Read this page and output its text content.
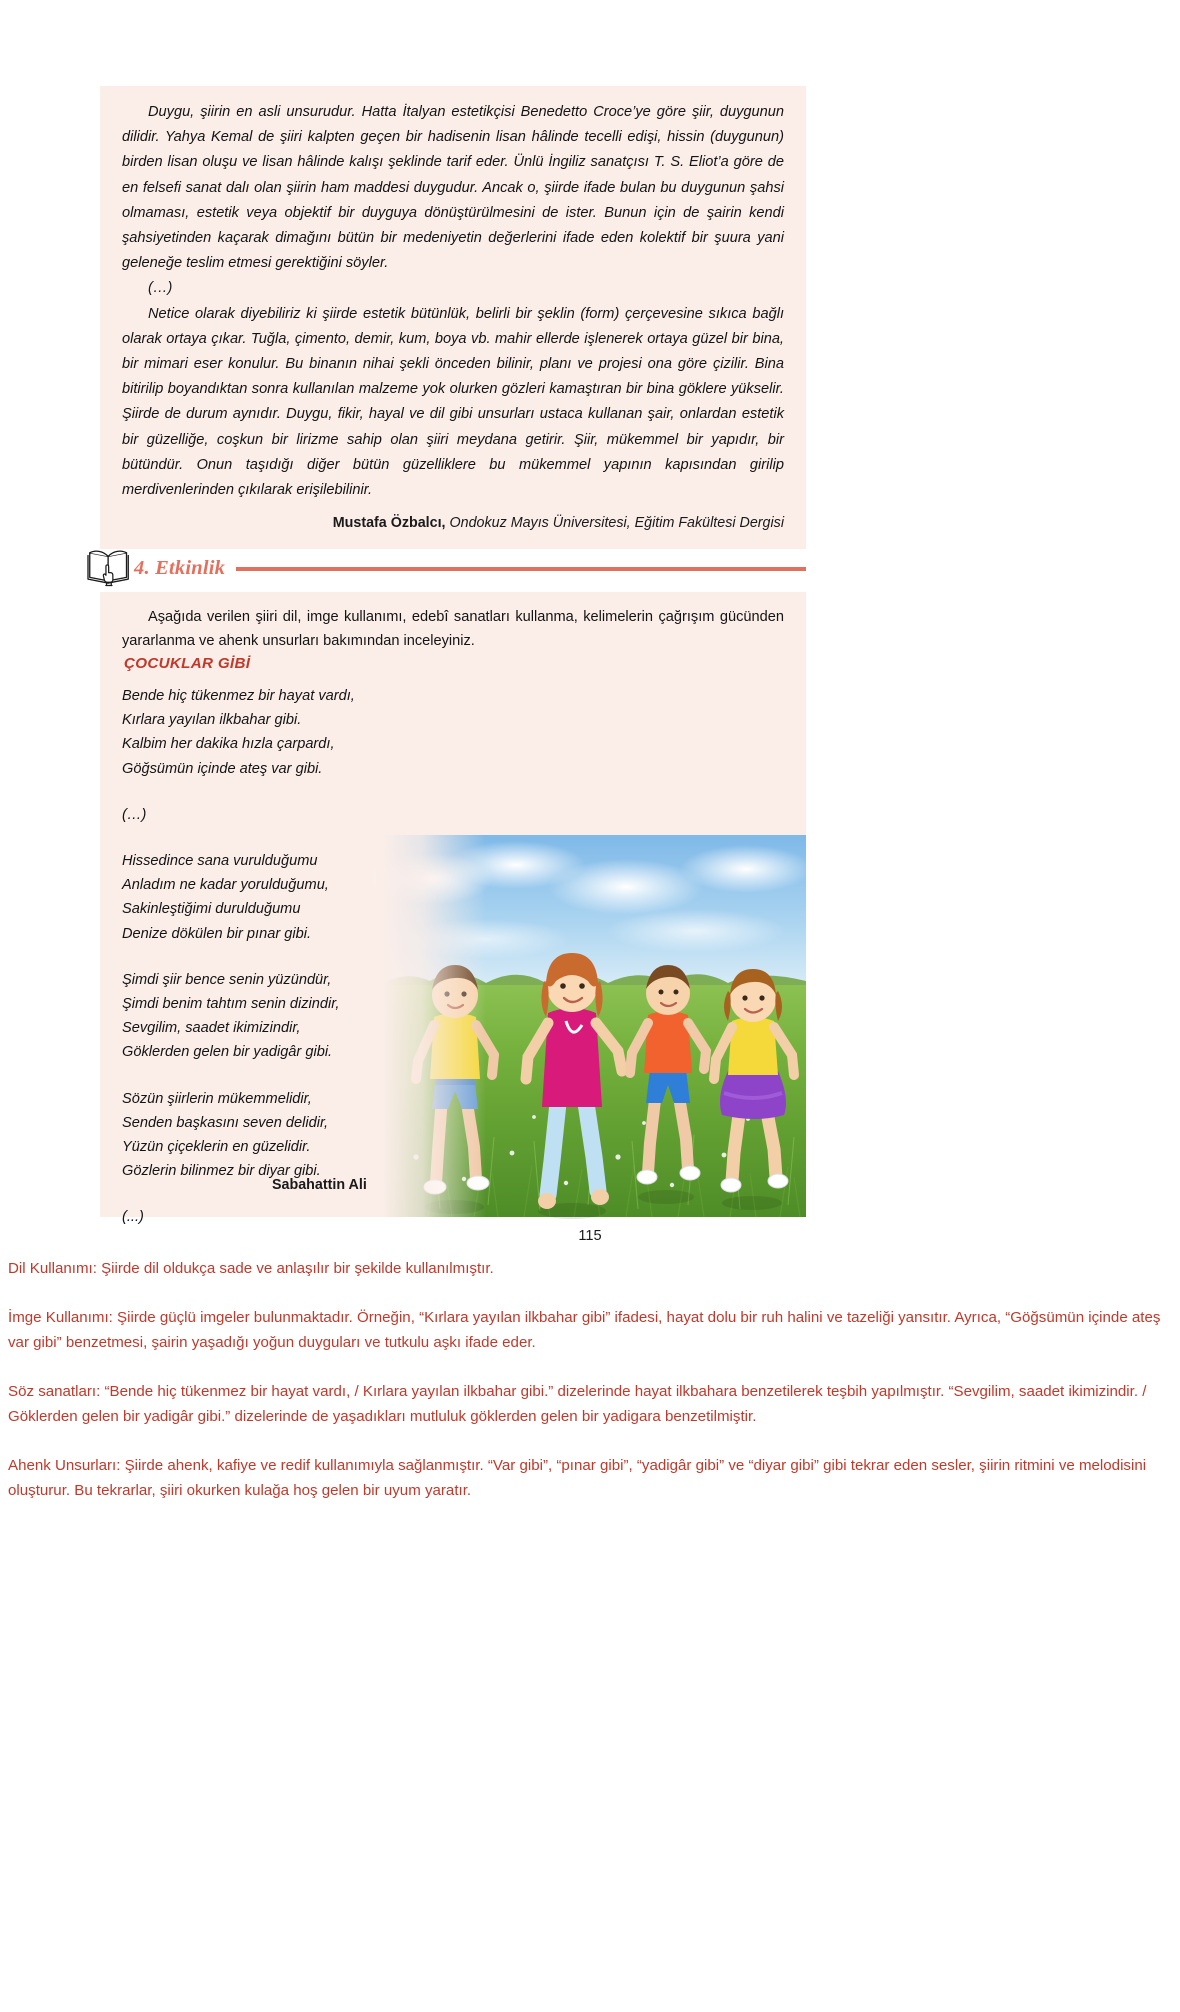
Duygu, şiirin en asli unsurudur. Hatta İtalyan estetikçisi Benedetto Croce’ye göre şiir, duygunun dilidir. Yahya Kemal de şiiri kalpten geçen bir hadisenin lisan hâlinde tecelli edişi, hissin (duygunun) birden lisan oluşu ve lisan hâlinde kalışı şeklinde tarif eder. Ünlü İngiliz sanatçısı T. S. Eliot’a göre de en felsefi sanat dalı olan şiirin ham maddesi duygudur. Ancak o, şiirde ifade bulan bu duygunun şahsi olmaması, estetik veya objektif bir duyguya dönüştürülmesini de ister. Bunun için de şairin kendi şahsiyetinden kaçarak dimağını bütün bir medeniyetin değerlerini ifade eden kolektif bir şuura yani geleneğe teslim etmesi gerektiğini söyler.

(…)

Netice olarak diyebiliriz ki şiirde estetik bütünlük, belirli bir şeklin (form) çerçevesine sıkıca bağlı olarak ortaya çıkar. Tuğla, çimento, demir, kum, boya vb. mahir ellerde işlenerek ortaya güzel bir bina, bir mimari eser konulur. Bu binanın nihai şekli önceden bilinir, planı ve projesi ona göre çizilir. Bina bitirilip boyandıktan sonra kullanılan malzeme yok olurken gözleri kamaştıran bir bina göklere yükselir. Şiirde de durum aynıdır. Duygu, fikir, hayal ve dil gibi unsurları ustaca kullanan şair, onlardan estetik bir güzelliğe, coşkun bir lirizme sahip olan şiiri meydana getirir. Şiir, mükemmel bir yapıdır, bir bütündür. Onun taşıdığı diğer bütün güzelliklere bu mükemmel yapının kapısından girilip merdivenlerinden çıkılarak erişilebilinir.

Mustafa Özbalcı, Ondokuz Mayıs Üniversitesi, Eğitim Fakültesi Dergisi
4. Etkinlik

Aşağıda verilen şiiri dil, imge kullanımı, edebî sanatları kullanma, kelimelerin çağrışım gücünden yararlanma ve ahenk unsurları bakımından inceleyiniz.

ÇOCUKLAR GİBİ
Bende hiç tükenmez bir hayat vardı,
Kırlara yayılan ilkbahar gibi.
Kalbim her dakika hızla çarpardı,
Göğsümün içinde ateş var gibi.
(…)
Hissedince sana vurulduğumu
Anladım ne kadar yorulduğumu,
Sakinleştiğimi durulduğumu
Denize dökülen bir pınar gibi.
Şimdi şiir bence senin yüzündür,
Şimdi benim tahtım senin dizindir,
Sevgilim, saadet ikimizindir,
Göklerden gelen bir yadigâr gibi.
Sözün şiirlerin mükemmelidir,
Senden başkasını seven delidir,
Yüzün çiçeklerin en güzelidir.
Gözlerin bilinmez bir diyar gibi.
(...)
Sabahattin Ali
115

Dil Kullanımı: Şiirde dil oldukça sade ve anlaşılır bir şekilde kullanılmıştır.

İmge Kullanımı: Şiirde güçlü imgeler bulunmaktadır. Örneğin, “Kırlara yayılan ilkbahar gibi” ifadesi, hayat dolu bir ruh halini ve tazeliği yansıtır. Ayrıca, “Göğsümün içinde ateş var gibi” benzetmesi, şairin yaşadığı yoğun duyguları ve tutkulu aşkı ifade eder.

Söz sanatları: “Bende hiç tükenmez bir hayat vardı, / Kırlara yayılan ilkbahar gibi.” dizelerinde hayat ilkbahara benzetilerek teşbih yapılmıştır. “Sevgilim, saadet ikimizindir. / Göklerden gelen bir yadigâr gibi.” dizelerinde de yaşadıkları mutluluk göklerden gelen bir yadigara benzetilmiştir.

Ahenk Unsurları: Şiirde ahenk, kafiye ve redif kullanımıyla sağlanmıştır. “Var gibi”, “pınar gibi”, “yadigâr gibi” ve “diyar gibi” gibi tekrar eden sesler, şiirin ritmini ve melodisini oluşturur. Bu tekrarlar, şiiri okurken kulağa hoş gelen bir uyum yaratır.
